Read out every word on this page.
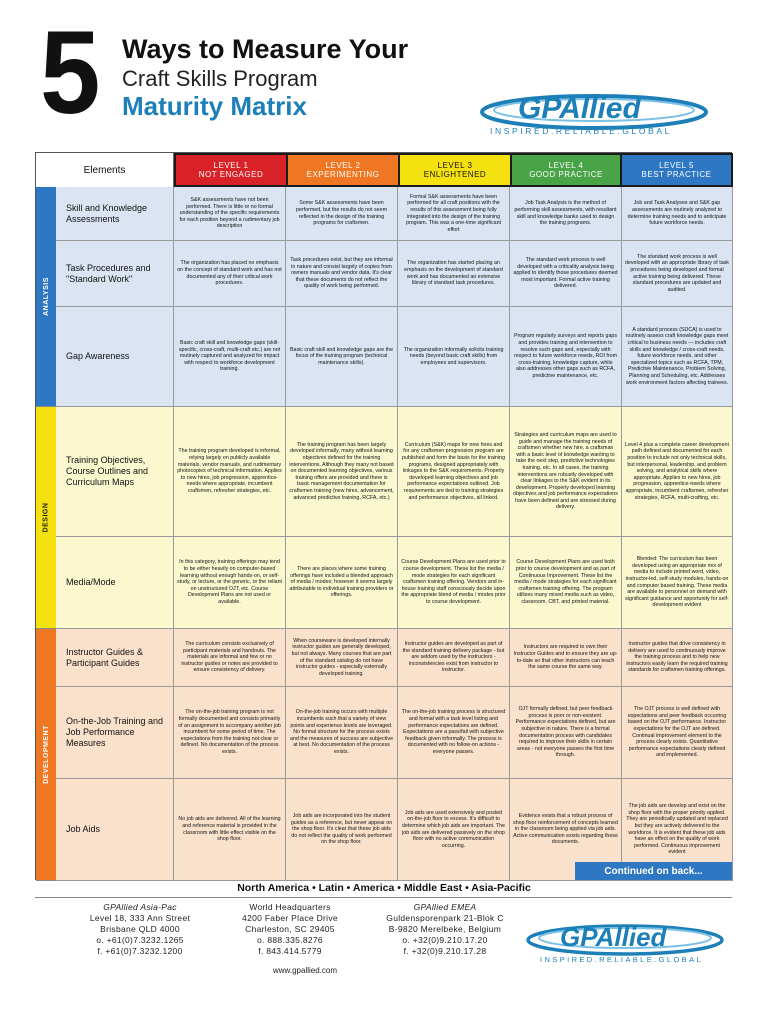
5 Ways to Measure Your
Craft Skills Program
Maturity Matrix	GPAllied
INSPIRED.RELIABLE.GLOBAL
Elements	LEVEL 1
NOT ENGAGED
LEVEL 2
EXPERIMENTING
LEVEL 3
ENLIGHTENED
LEVEL 4
GOOD PRACTICE
LEVEL 5
BEST PRACTICE
ANALYSIS
DESIGN
DEVELOPMENT
Skill and Knowledge Assessments
S&K assessments have not been performed. There is little or no formal understanding of the specific requirements for each position beyond a rudimentary job description
Some S&K assessments have been performed, but the results do not seem reflected in the design of the training programs for craftsmen.
Formal S&K assessments have been performed for all craft positions with the results of this assessment being fully integrated into the design of the training program. This was a one-time significant effort
Job Task Analysis is the method of performing skill assessments, with resultant skill and knowledge banks used to design the training programs.
Job and Task Analyses and S&K gap assessments are routinely analyzed to determine training needs and to anticipate future workforce needs.
Task Procedures and "Standard Work"
The organization has placed no emphasis on the concept of standard work and has not documented any of their critical work procedures.
Task procedures exist, but they are informal in nature and consist largely of copies from owners manuals and vendor data. It's clear that these documents do not reflect the quality of work being performed.
The organization has started placing an emphasis on the development of standard work and has documented an extensive library of standard task procedures.
The standard work process is well developed with a criticality analysis being applied to identify those procedures deemed most important. Formal active training delivered.
The standard work process is well developed with an appropriate library of task procedures being developed and formal active training being delivered. These standard procedures are updated and audited.
Gap Awareness
Basic craft skill and knowledge gaps (skill-specific, cross-craft, multi-craft etc.) are not routinely captured and analyzed for impact with respect to workforce development training.
Basic craft skill and knowledge gaps are the focus of the training program (technical maintenance skills).
The organization informally solicits training needs (beyond basic craft skills) from employees and supervisors.
Program regularly surveys and reports gaps and provides training and intervention to resolve such gaps and, especially with respect to future workforce needs, ROI from cross-training, knowledge capture, while also addresses other gaps such as RCFA, predictive maintenance, etc.
A standard process (SDCA) is used to routinely assess craft knowledge gaps meet critical to business needs — includes craft skills and knowledge / cross-craft needs, future workforce needs, and other specialized topics such as RCFA, TPM, Predictive Maintenance, Problem Solving, Planning and Scheduling, etc. Addresses work environment factors affecting trainees.
Training Objectives, Course Outlines and Curriculum Maps
The training program developed is informal, relying largely on publicly available materials, vendor manuals, and rudimentary photocopies of technical information. Applies to new hires, job progression, apprentice-needs where appropriate, incumbent craftsmen, refresher strategies, etc.
The training program has been largely developed informally, many without learning objectives defined for the training interventions. Although they many not based on documented learning objectives, various training offers are provided and there is basic management documentation for craftsmen training (new hires, advancement, advanced predictive training, RCFA, etc.)
Curriculum (S&K) maps for new hires and for any craftsmen progression program are published and form the basis for the training programs, designed appropriately with linkages to the S&K requirements. Properly developed learning objectives and job performance expectations outlined. Job requirements are tied to training strategies and performance objectives, all linked.
Strategies and curriculum maps are used to guide and manage the training needs of craftsmen whether new hire, a craftsman with a basic level of knowledge wanting to take the next step, predictive technologies training, etc. In all cases, the training interventions are robustly developed with clear linkages to the S&K evident in its development. Properly developed learning objectives and job performance expectations have been defined and are stressed during delivery.
Level 4 plus a complete career development path defined and documented for each position to include not only technical skills, but interpersonal, leadership, and problem solving, and analytical skills where appropriate. Applies to new hires, job progression, apprentice-needs where appropriate, incumbent craftsmen, refresher strategies, RCFA, multi-crafting, etc.
Media/Mode
In this category, training offerings may tend to be either heavily on computer-based learning without enough hands-on, or self-study, or lecture, or the generic, or the reliant on unstructured OJT, etc. Course Development Plans are not used or available.
There are places where some training offerings have included a blended approach of media / modes; however it seems largely attributable to individual training providers or offerings.
Course Development Plans are used prior to course development. These list the media / mode strategies for each significant craftsmen training offering. Vendors and in-house training staff consciously decide upon the appropriate blend of media / modes prior to course development.
Course Development Plans are used both prior to course development and as part of Continuous Improvement. These list the media / mode strategies for each significant craftsmen training offering. The program utilizes many mixed media such as video, classroom, CBT, and printed material.
Blended: The curriculum has been developed using an appropriate mix of media to include printed word, video, instructor-led, self-study modules, hands-on and computer based training. These media are available to personnel on demand with significant guidance and opportunity for self-development evident
Instructor Guides & Participant Guides
The curriculum consists exclusively of participant materials and handouts. The materials are informal and few or no instructor guides or notes are provided to ensure consistency of delivery.
When courseware is developed internally instructor guides are generally developed, but not always. Many courses that are part of the standard catalog do not have instructor guides - especially externally developed training.
Instructor guides are developed as part of the standard training delivery package - but are seldom used by the instructors - inconsistencies exist from instructor to instructor.
Instructors are required to own their Instructor Guides and to ensure they are up-to-date so that other instructors can teach the same course the same way.
Instructor guides that drive consistency in delivery are used to continuously improve the training process and to help new instructors easily learn the required training standards for craftsmen training offerings.
On-the-Job Training and Job Performance Measures
The on-the-job training program is not formally documented and consists primarily of an assignment to accompany another job incumbent for some period of time. The expectations from the training not clear or defined. No documentation of the process exists.
On-the-job training occurs with multiple incumbents such that a variety of view points and experience levels are leveraged. No formal structure for the process exists and the measures of success are subjective at best. No documentation of the process exists.
The on-the-job training process is structured and formal with a task level listing and performance expectations are defined. Expectations are a pass/fail with subjective feedback given informally. The process is documented with no follow-on actions - everyone passes.
OJT formally defined, but peer feedback process is poor or non-existent. Performance expectations defined, but are subjective in nature. There is a formal documentation process with candidates required to improve their skills in certain areas - not everyone passes the first time through.
The OJT process is well defined with expectations and peer feedback occurring based on the OJT performance. Instructor expectations for the OJT are defined. Continual improvement element to the process clearly exists. Quantitative performance expectations clearly defined and implemented.
Job Aids
No job aids are delivered. All of the learning and reference material is provided in the classroom with little effect visible on the shop floor.
Job aids are incorporated into the student guides as a reference, but never appear on the shop floor. It's clear that these job aids do not reflect the quality of work performed on the shop floor.
Job aids are used extensively and posted on-the-job floor to excess. It's difficult to determine which job aids are important. The job aids are delivered passively on the shop floor with no active communication occurring.
Evidence exists that a robust process of shop floor reinforcement of concepts learned in the classroom being applied via job aids. Active communication exists regarding these documents.
The job aids are develop and exist on the shop floor with the proper priority applied. They are periodically updated and replaced but they are actively delivered to the workforce. It is evident that these job aids have an effect on the quality of work performed. Continuous improvement evident
Continued on back...
North America • Latin • America • Middle East • Asia-Pacific
GPAllied Asia-Pac
Level 18, 333 Ann Street
Brisbane QLD 4000
o. +61(0)7.3232.1265
f. +61(0)7.3232.1200
World Headquarters
4200 Faber Place Drive
Charleston, SC 29405
o. 888.335.8276
f. 843.414.5779
GPAllied EMEA
Guldensporenpark 21-Blok C
B-9820 Merelbeke, Belgium
o. +32(0)9.210.17.20
f. +32(0)9.210.17.28
www.gpallied.com
GPAllied
INSPIRED.RELIABLE.GLOBAL
